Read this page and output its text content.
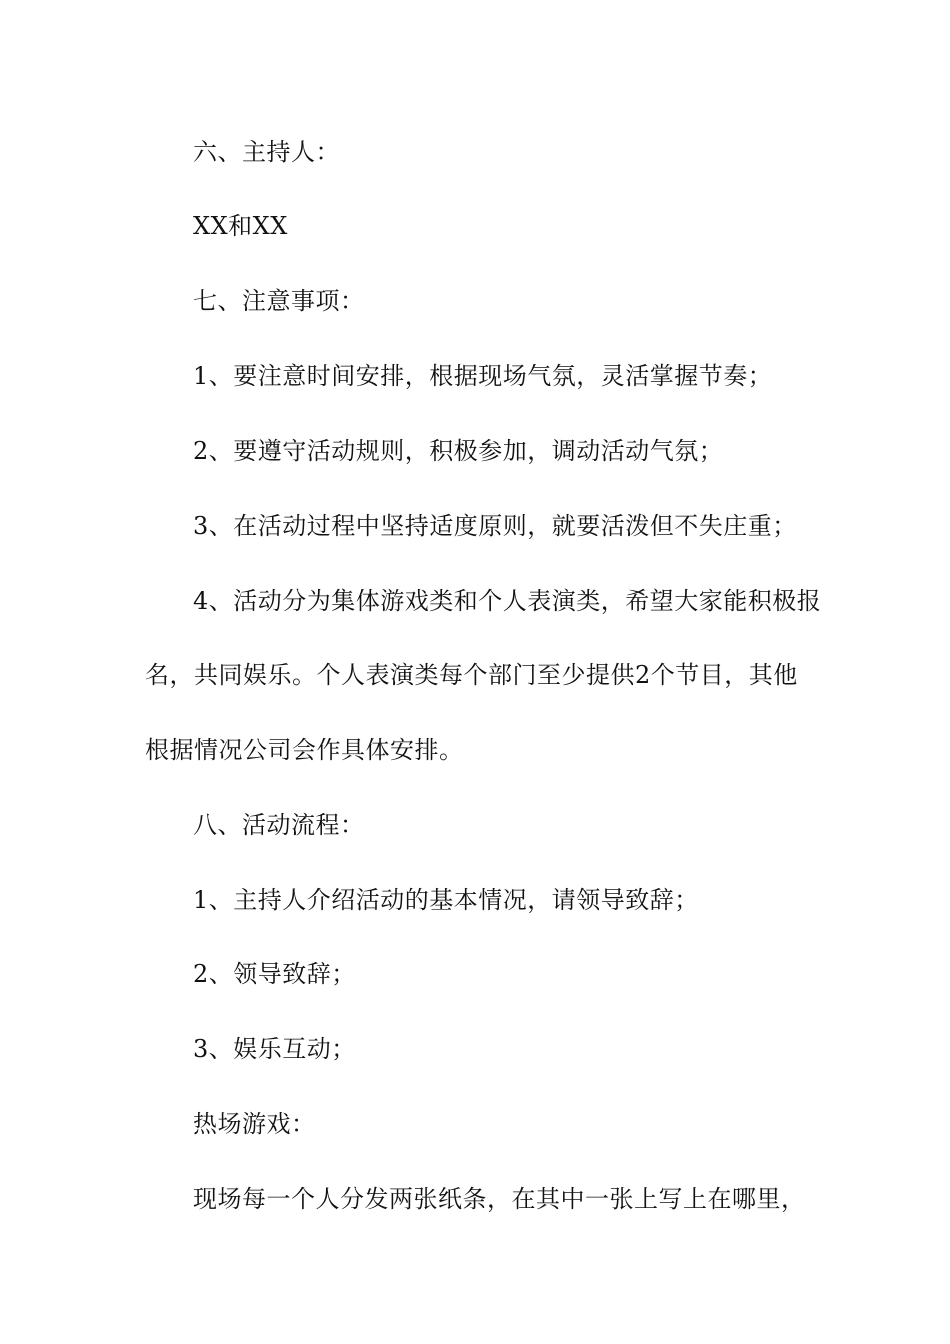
六、主持人：
XX和XX
七、注意事项：
1、要注意时间安排，根据现场气氛，灵活掌握节奏；
2、要遵守活动规则，积极参加，调动活动气氛；
3、在活动过程中坚持适度原则，就要活泼但不失庄重；
4、活动分为集体游戏类和个人表演类，希望大家能积极报
名，共同娱乐。个人表演类每个部门至少提供2个节目，其他
根据情况公司会作具体安排。
八、活动流程：
1、主持人介绍活动的基本情况，请领导致辞；
2、领导致辞；
3、娱乐互动；
热场游戏：
现场每一个人分发两张纸条，在其中一张上写上在哪里，
